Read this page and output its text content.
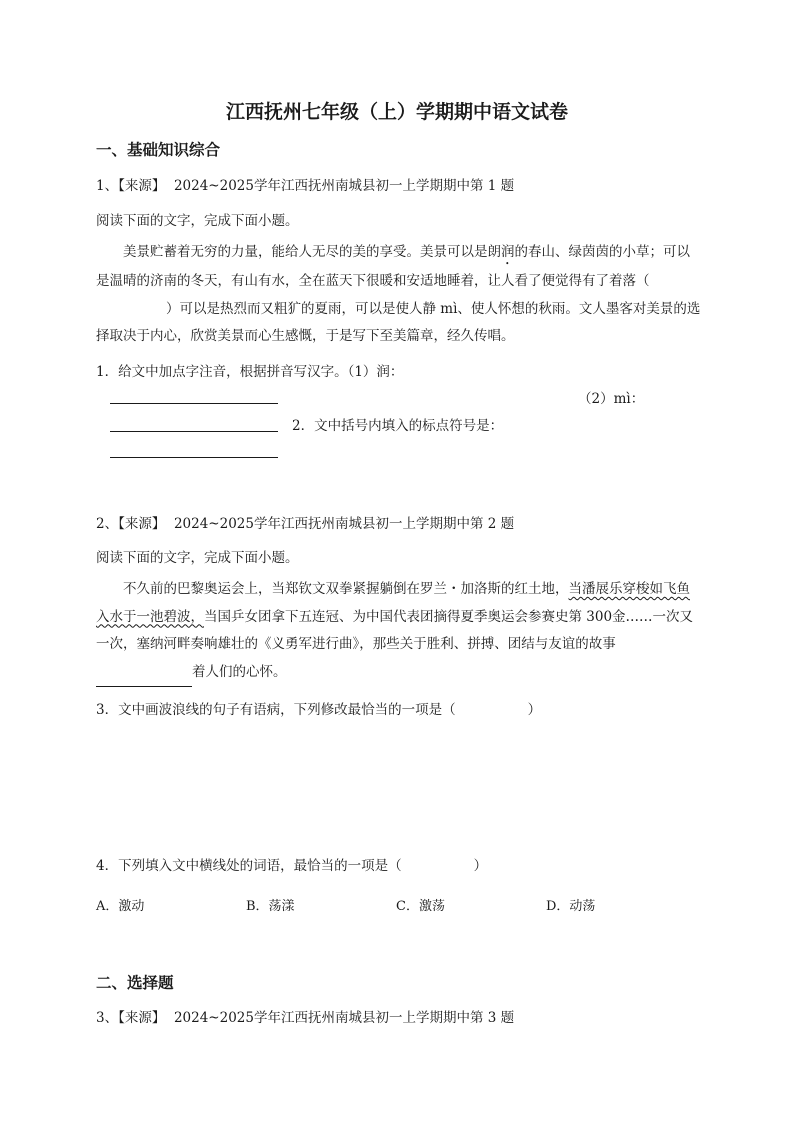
江西抚州七年级（上）学期期中语文试卷
一、基础知识综合
1、【来源】 2024~2025学年江西抚州南城县初一上学期期中第 1 题
阅读下面的文字，完成下面小题。
美景贮蓄着无穷的力量，能给人无尽的美的享受。美景可以是朗润的春山、绿茵茵的小草；可以是温晴的济南的冬天，有山有水，全在蓝天下很暖和安适地睡着，让人看了便觉得有了着落（）可以是热烈而又粗犷的夏雨，可以是使人静 mì、使人怀想的秋雨。文人墨客对美景的选择取决于内心，欣赏美景而心生感慨，于是写下至美篇章，经久传唱。
1．给文中加点字注音，根据拼音写汉字。（1）润：
（2）mì：
2．文中括号内填入的标点符号是：
2、【来源】 2024~2025学年江西抚州南城县初一上学期期中第 2 题
阅读下面的文字，完成下面小题。
不久前的巴黎奥运会上，当郑钦文双拳紧握躺倒在罗兰・加洛斯的红土地，当潘展乐穿梭如飞鱼入水于一池碧波，当国乒女团拿下五连冠、为中国代表团摘得夏季奥运会参赛史第 300金……一次又一次，塞纳河畔奏响雄壮的《义勇军进行曲》，那些关于胜利、拼搏、团结与友谊的故事 着人们的心怀。
3．文中画波浪线的句子有语病，下列修改最恰当的一项是（	）
4．下列填入文中横线处的词语，最恰当的一项是（	）
A．激动	B．荡漾	C．激荡	D．动荡
二、选择题
3、【来源】 2024~2025学年江西抚州南城县初一上学期期中第 3 题
